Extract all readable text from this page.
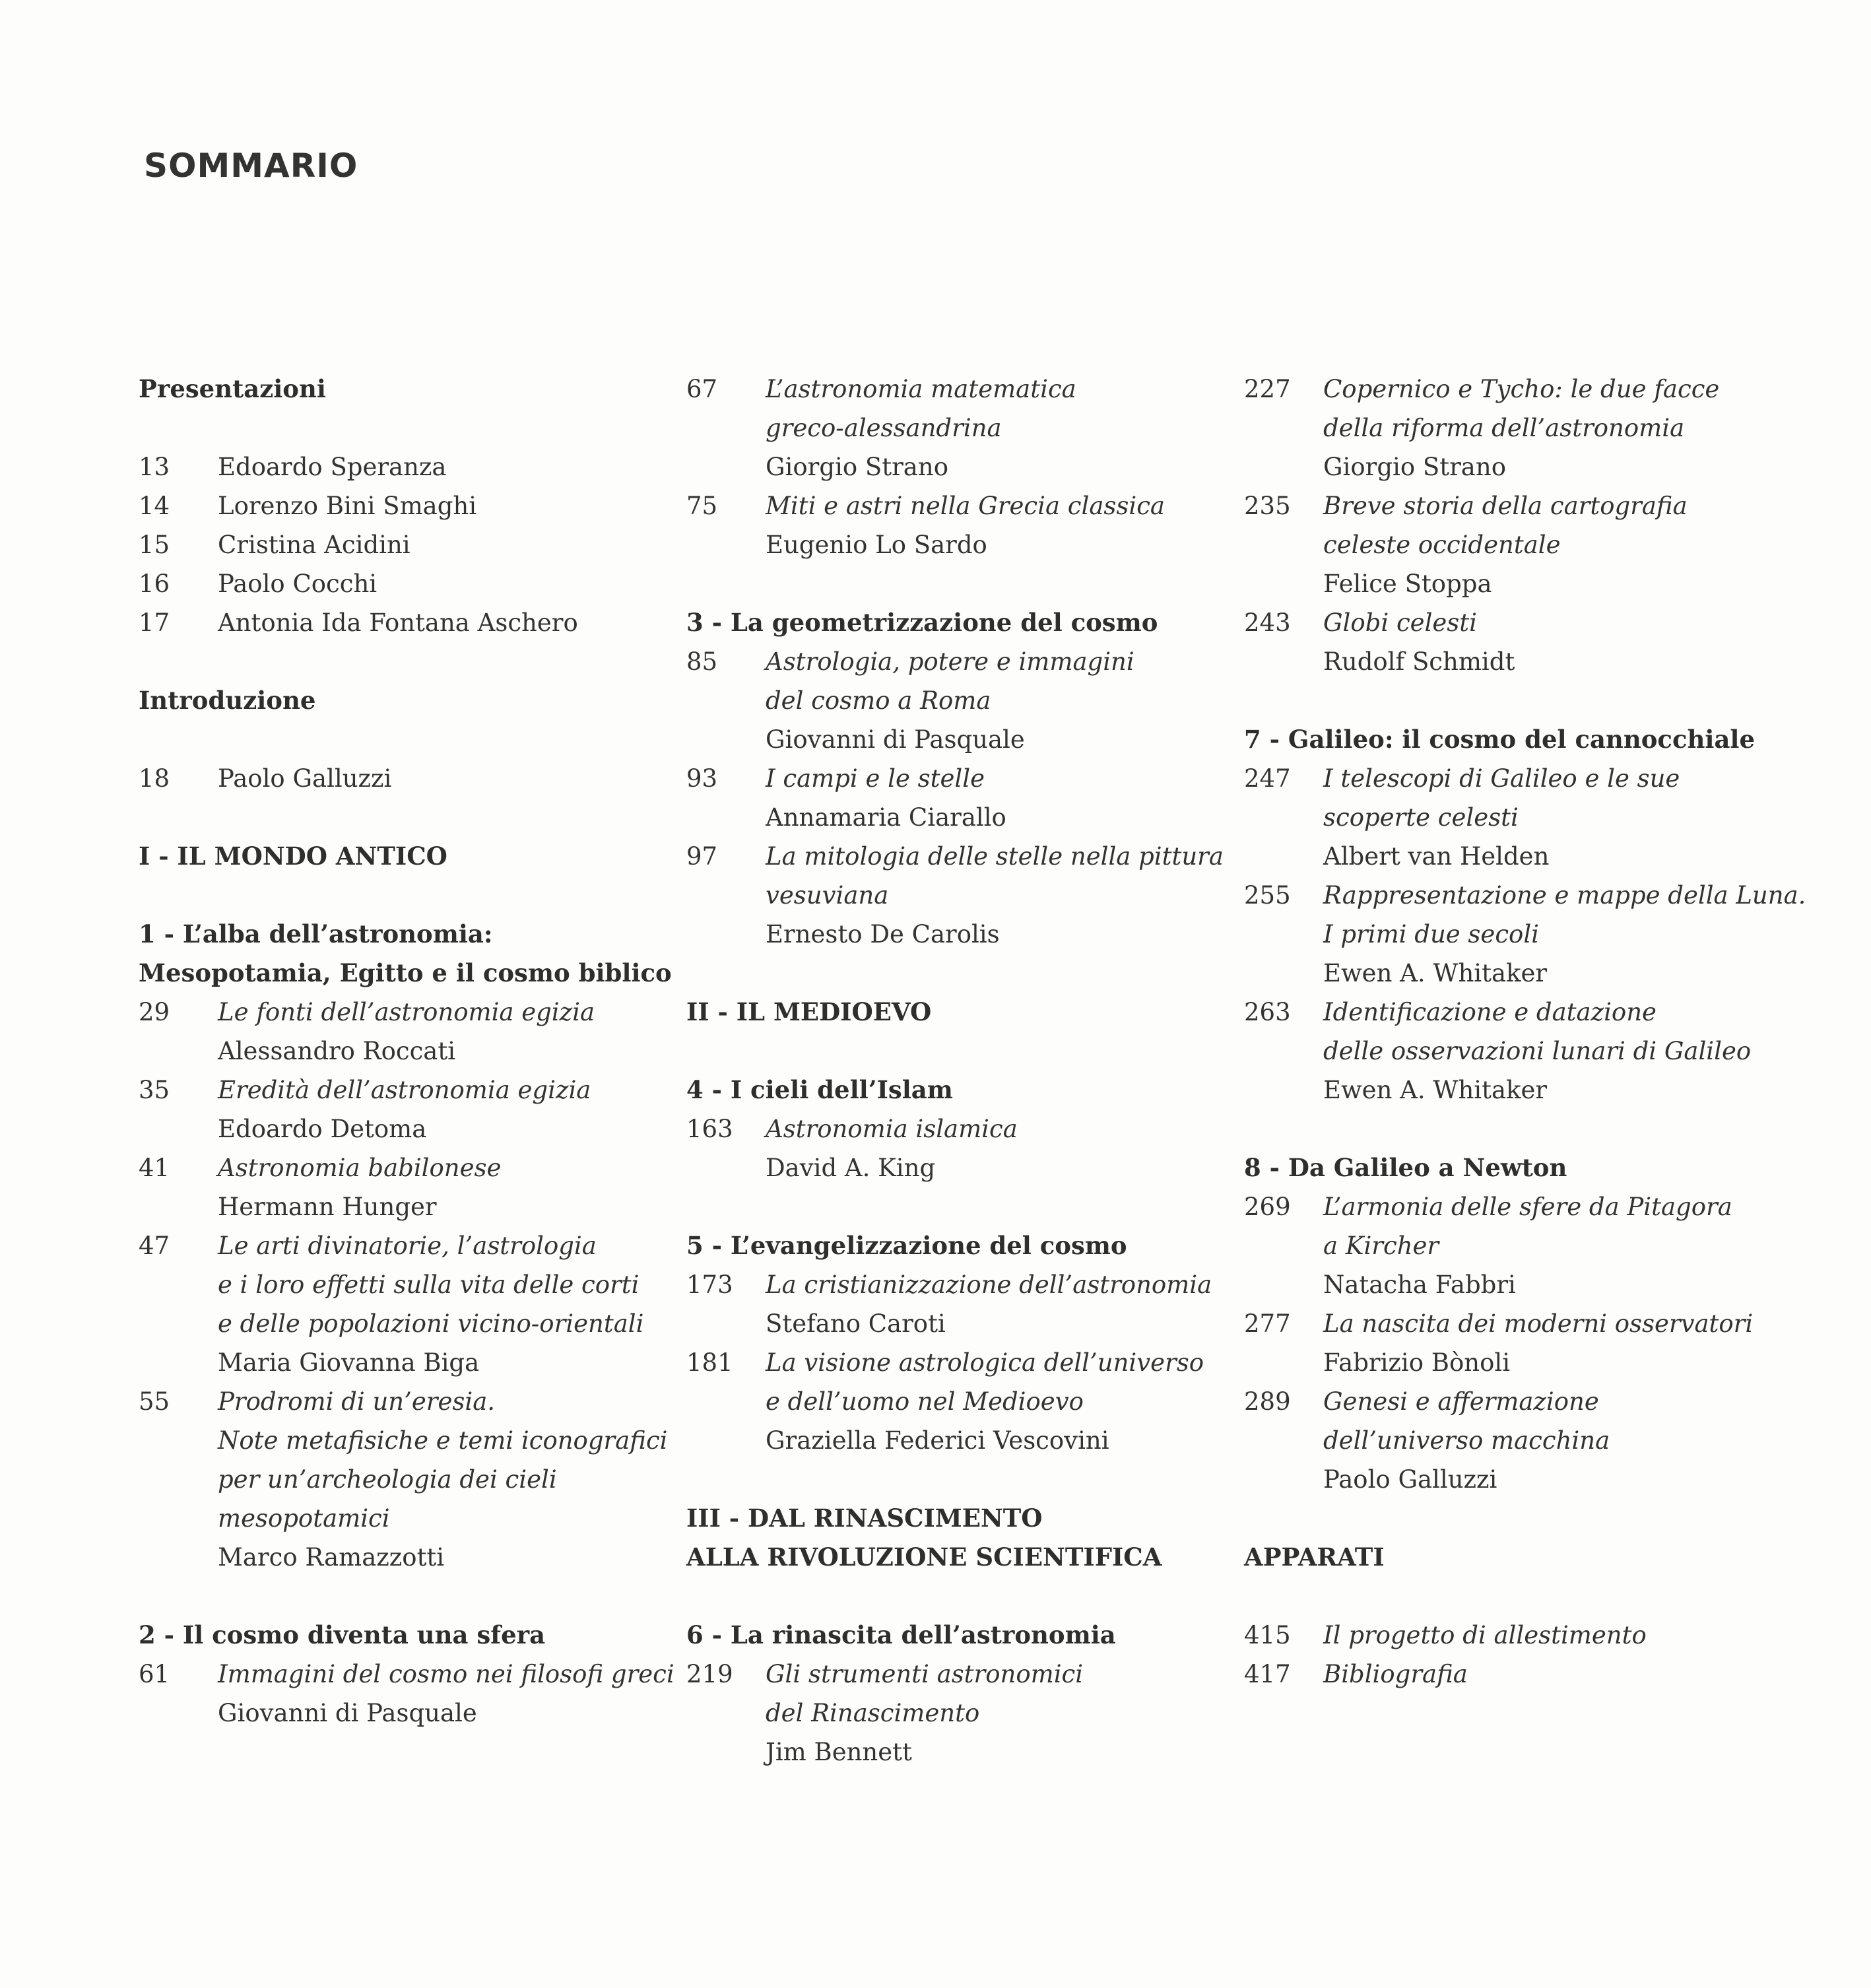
SOMMARIO
Presentazioni
13	Edoardo Speranza
14	Lorenzo Bini Smaghi
15	Cristina Acidini
16	Paolo Cocchi
17	Antonia Ida Fontana Aschero
Introduzione
18	Paolo Galluzzi
I - IL MONDO ANTICO
1 - L’alba dell’astronomia:
Mesopotamia, Egitto e il cosmo biblico
29	Le fonti dell’astronomia egizia
Alessandro Roccati
35	Eredità dell’astronomia egizia
Edoardo Detoma
41	Astronomia babilonese
Hermann Hunger
47	Le arti divinatorie, l’astrologia
e i loro effetti sulla vita delle corti
e delle popolazioni vicino-orientali
Maria Giovanna Biga
55	Prodromi di un’eresia.
Note metafisiche e temi iconografici
per un’archeologia dei cieli
mesopotamici
Marco Ramazzotti
2 - Il cosmo diventa una sfera
61	Immagini del cosmo nei filosofi greci
Giovanni di Pasquale
67	L’astronomia matematica
greco-alessandrina
Giorgio Strano
75	Miti e astri nella Grecia classica
Eugenio Lo Sardo
3 - La geometrizzazione del cosmo
85	Astrologia, potere e immagini
del cosmo a Roma
Giovanni di Pasquale
93	I campi e le stelle
Annamaria Ciarallo
97	La mitologia delle stelle nella pittura
vesuviana
Ernesto De Carolis
II - IL MEDIOEVO
4 - I cieli dell’Islam
163	Astronomia islamica
David A. King
5 - L’evangelizzazione del cosmo
173	La cristianizzazione dell’astronomia
Stefano Caroti
181	La visione astrologica dell’universo
e dell’uomo nel Medioevo
Graziella Federici Vescovini
III - DAL RINASCIMENTO
ALLA RIVOLUZIONE SCIENTIFICA
6 - La rinascita dell’astronomia
219	Gli strumenti astronomici
del Rinascimento
Jim Bennett
227	Copernico e Tycho: le due facce
della riforma dell’astronomia
Giorgio Strano
235	Breve storia della cartografia
celeste occidentale
Felice Stoppa
243	Globi celesti
Rudolf Schmidt
7 - Galileo: il cosmo del cannocchiale
247	I telescopi di Galileo e le sue
scoperte celesti
Albert van Helden
255	Rappresentazione e mappe della Luna.
I primi due secoli
Ewen A. Whitaker
263	Identificazione e datazione
delle osservazioni lunari di Galileo
Ewen A. Whitaker
8 - Da Galileo a Newton
269	L’armonia delle sfere da Pitagora
a Kircher
Natacha Fabbri
277	La nascita dei moderni osservatori
Fabrizio Bònoli
289	Genesi e affermazione
dell’universo macchina
Paolo Galluzzi
APPARATI
415	Il progetto di allestimento
417	Bibliografia
